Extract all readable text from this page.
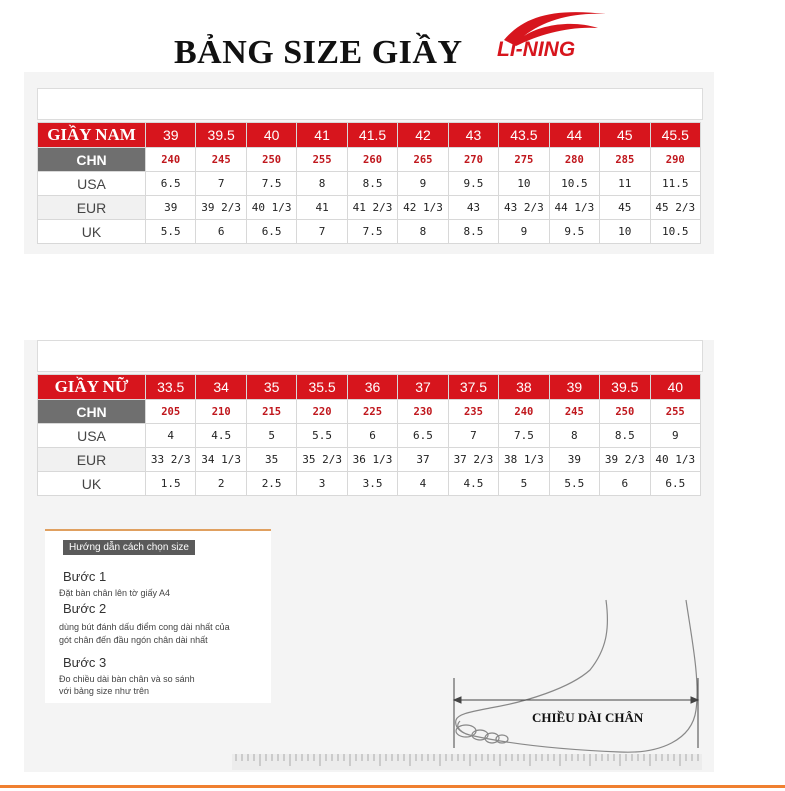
BẢNG SIZE GIẦY LI-NING
GIẦY NAM	39	39.5	40	41	41.5	42	43	43.5	44	45	45.5
CHN	240	245	250	255	260	265	270	275	280	285	290
USA	6.5	7	7.5	8	8.5	9	9.5	10	10.5	11	11.5
EUR	39	39 2/3	40 1/3	41	41 2/3	42 1/3	43	43 2/3	44 1/3	45	45 2/3
UK	5.5	6	6.5	7	7.5	8	8.5	9	9.5	10	10.5
GIẦY NỮ	33.5	34	35	35.5	36	37	37.5	38	39	39.5	40
CHN	205	210	215	220	225	230	235	240	245	250	255
USA	4	4.5	5	5.5	6	6.5	7	7.5	8	8.5	9
EUR	33 2/3	34 1/3	35	35 2/3	36 1/3	37	37 2/3	38 1/3	39	39 2/3	40 1/3
UK	1.5	2	2.5	3	3.5	4	4.5	5	5.5	6	6.5
Hướng dẫn cách chọn size
Bước 1
Đặt bàn chân lên tờ giấy A4
Bước 2
dùng bút đánh dấu điểm cong dài nhất của
gót chân đến đầu ngón chân dài nhất
Bước 3
Đo chiều dài bàn chân và so sánh
với bảng size như trên
CHIỀU DÀI CHÂN
